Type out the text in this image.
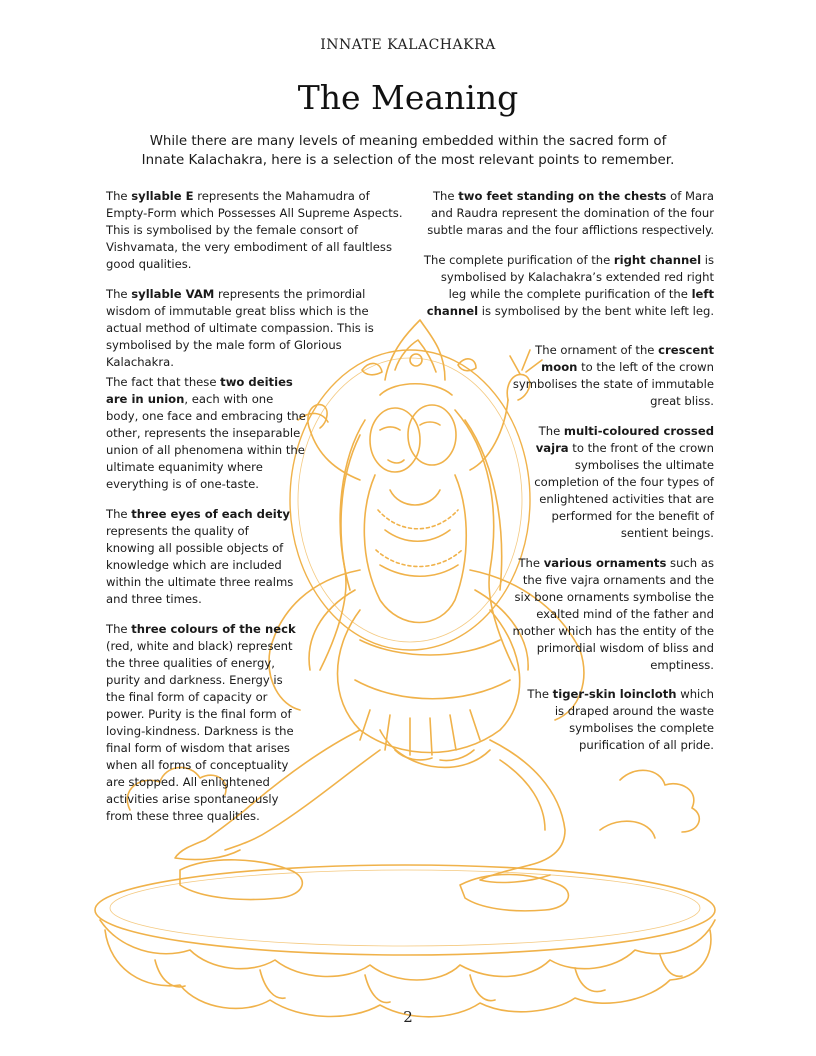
INNATE KALACHAKRA
The Meaning
While there are many levels of meaning embedded within the sacred form of Innate Kalachakra, here is a selection of the most relevant points to remember.

The syllable E represents the Mahamudra of Empty-Form which Possesses All Supreme Aspects. This is symbolised by the female consort of Vishvamata, the very embodiment of all faultless good qualities.

The syllable VAM represents the primordial wisdom of immutable great bliss which is the actual method of ultimate compassion. This is symbolised by the male form of Glorious Kalachakra.

The fact that these two deities are in union, each with one body, one face and embracing the other, represents the inseparable union of all phenomena within the ultimate equanimity where everything is of one-taste.

The three eyes of each deity represents the quality of knowing all possible objects of knowledge which are included within the ultimate three realms and three times.

The three colours of the neck (red, white and black) represent the three qualities of energy, purity and darkness. Energy is the final form of capacity or power. Purity is the final form of loving-kindness. Darkness is the final form of wisdom that arises when all forms of conceptuality are stopped. All enlightened activities arise spontaneously from these three qualities.

The two feet standing on the chests of Mara and Raudra represent the domination of the four subtle maras and the four afflictions respectively.

The complete purification of the right channel is symbolised by Kalachakra’s extended red right leg while the complete purification of the left channel is symbolised by the bent white left leg.

The ornament of the crescent moon to the left of the crown symbolises the state of immutable great bliss.

The multi-coloured crossed vajra to the front of the crown symbolises the ultimate completion of the four types of enlightened activities that are performed for the benefit of sentient beings.

The various ornaments such as the five vajra ornaments and the six bone ornaments symbolise the exalted mind of the father and mother which has the entity of the primordial wisdom of bliss and emptiness.

The tiger-skin loincloth which is draped around the waste symbolises the complete purification of all pride.

2
